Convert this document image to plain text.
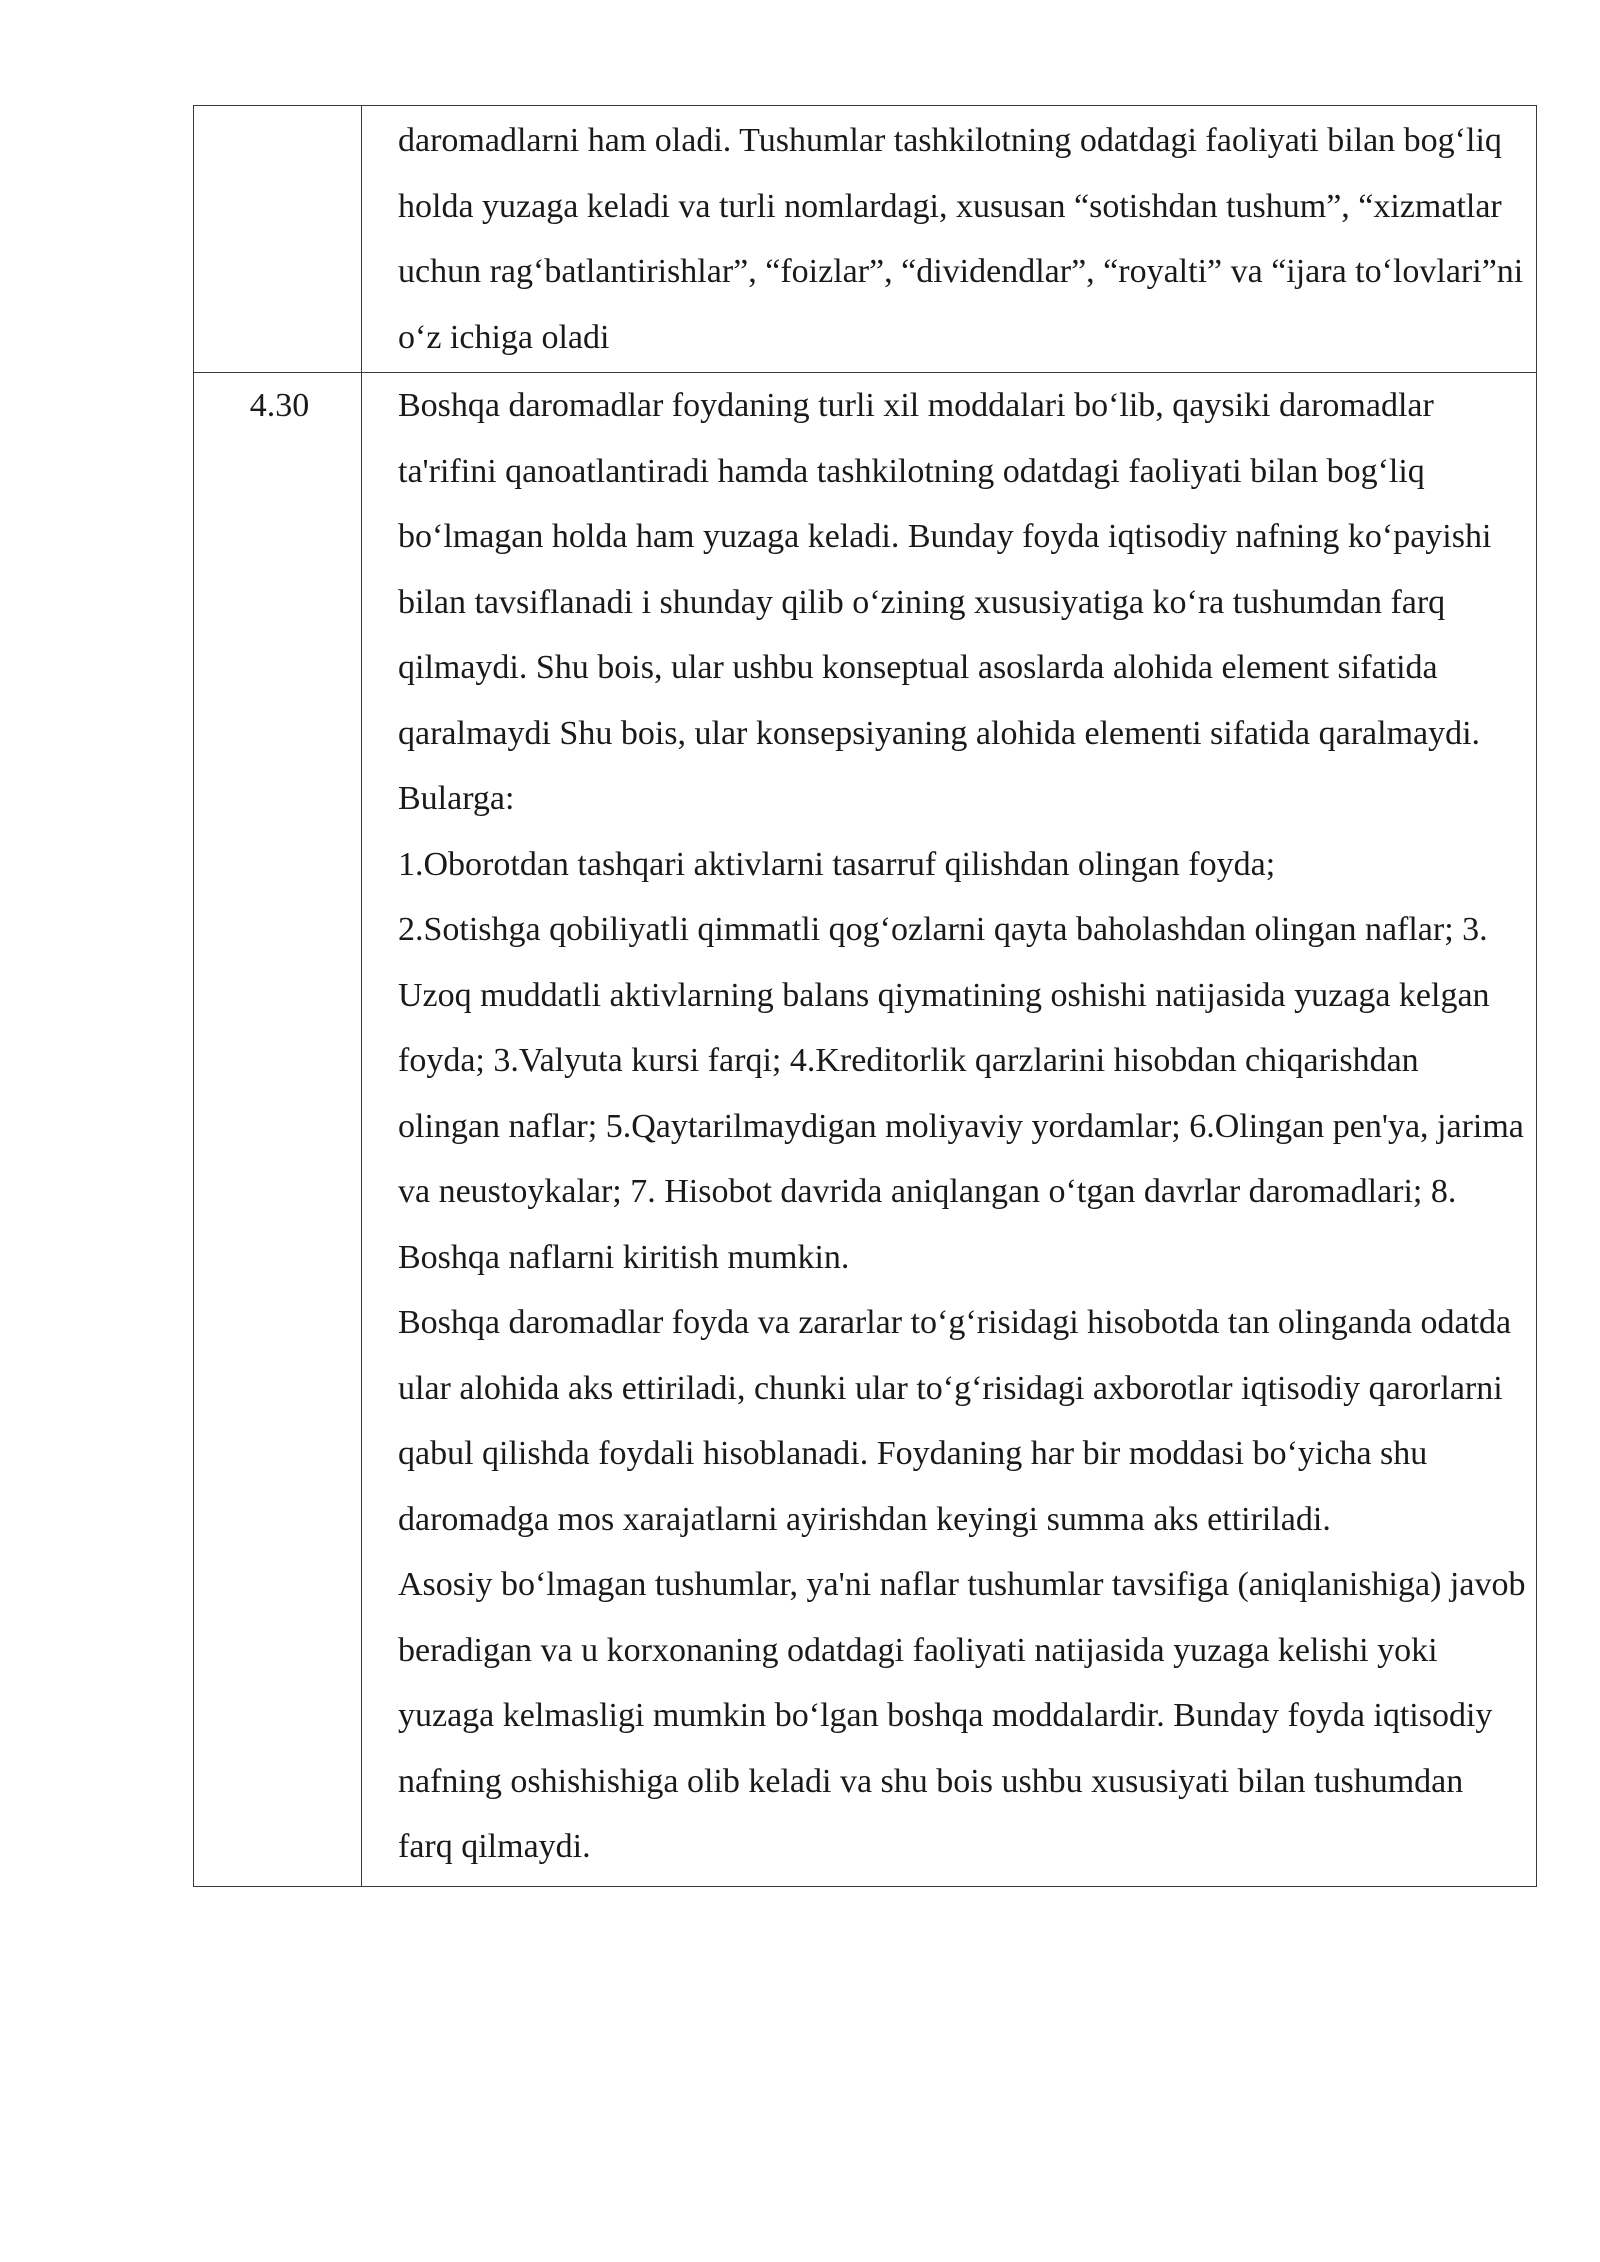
	daromadlarni ham oladi. Tushumlar tashkilotning odatdagi faoliyati bilan bog‘liq holda yuzaga keladi va turli nomlardagi, xususan “sotishdan tushum”, “xizmatlar uchun rag‘batlantirishlar”, “foizlar”, “dividendlar”, “royalti” va “ijara to‘lovlari”ni o‘z ichiga oladi

4.30	Boshqa daromadlar foydaning turli xil moddalari bo‘lib, qaysiki daromadlar ta'rifini qanoatlantiradi hamda tashkilotning odatdagi faoliyati bilan bog‘liq bo‘lmagan holda ham yuzaga keladi. Bunday foyda iqtisodiy nafning ko‘payishi bilan tavsiflanadi i shunday qilib o‘zining xususiyatiga ko‘ra tushumdan farq qilmaydi. Shu bois, ular ushbu konseptual asoslarda alohida element sifatida qaralmaydi Shu bois, ular konsepsiyaning alohida elementi sifatida qaralmaydi. Bularga:

1.Oborotdan tashqari aktivlarni tasarruf qilishdan olingan foyda;

2.Sotishga qobiliyatli qimmatli qog‘ozlarni qayta baholashdan olingan naflar; 3. Uzoq muddatli aktivlarning balans qiymatining oshishi natijasida yuzaga kelgan foyda; 3.Valyuta kursi farqi; 4.Kreditorlik qarzlarini hisobdan chiqarishdan olingan naflar; 5.Qaytarilmaydigan moliyaviy yordamlar; 6.Olingan pen'ya, jarima va neustoykalar; 7. Hisobot davrida aniqlangan o‘tgan davrlar daromadlari; 8. Boshqa naflarni kiritish mumkin.

Boshqa daromadlar foyda va zararlar to‘g‘risidagi hisobotda tan olinganda odatda ular alohida aks ettiriladi, chunki ular to‘g‘risidagi axborotlar iqtisodiy qarorlarni qabul qilishda foydali hisoblanadi. Foydaning har bir moddasi bo‘yicha shu daromadga mos xarajatlarni ayirishdan keyingi summa aks ettiriladi.

Asosiy bo‘lmagan tushumlar, ya'ni naflar tushumlar tavsifiga (aniqlanishiga) javob beradigan va u korxonaning odatdagi faoliyati natijasida yuzaga kelishi yoki yuzaga kelmasligi mumkin bo‘lgan boshqa moddalardir. Bunday foyda iqtisodiy nafning oshishishiga olib keladi va shu bois ushbu xususiyati bilan tushumdan farq qilmaydi.
